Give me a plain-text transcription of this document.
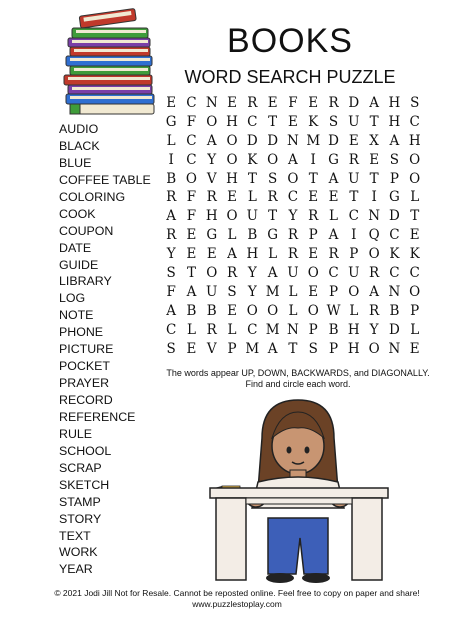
BOOKS
WORD SEARCH PUZZLE
AUDIO
BLACK
BLUE
COFFEE TABLE
COLORING
COOK
COUPON
DATE
GUIDE
LIBRARY
LOG
NOTE
PHONE
PICTURE
POCKET
PRAYER
RECORD
REFERENCE
RULE
SCHOOL
SCRAP
SKETCH
STAMP
STORY
TEXT
WORK
YEAR
E C N E R E F E R D A H S
G F O H C T E K S U T H C
L C A O D D N M D E X A H
I C Y O K O A I G R E S O
B O V H T S O T A U T P O
R F R E L R C E E T I G L
A F H O U T Y R L C N D T
R E G L B G R P A I Q C E
Y E E A H L R E R P O K K
S T O R Y A U O C U R C C
F A U S Y M L E P O A N O
A B B E O O L O W L R B P
C L R L C M N P B H Y D L
S E V P M A T S P H O N E
The words appear UP, DOWN, BACKWARDS, and DIAGONALLY.
Find and circle each word.
© 2021 Jodi Jill Not for Resale. Cannot be reposted online. Feel free to copy on paper and share!
www.puzzlestoplay.com
